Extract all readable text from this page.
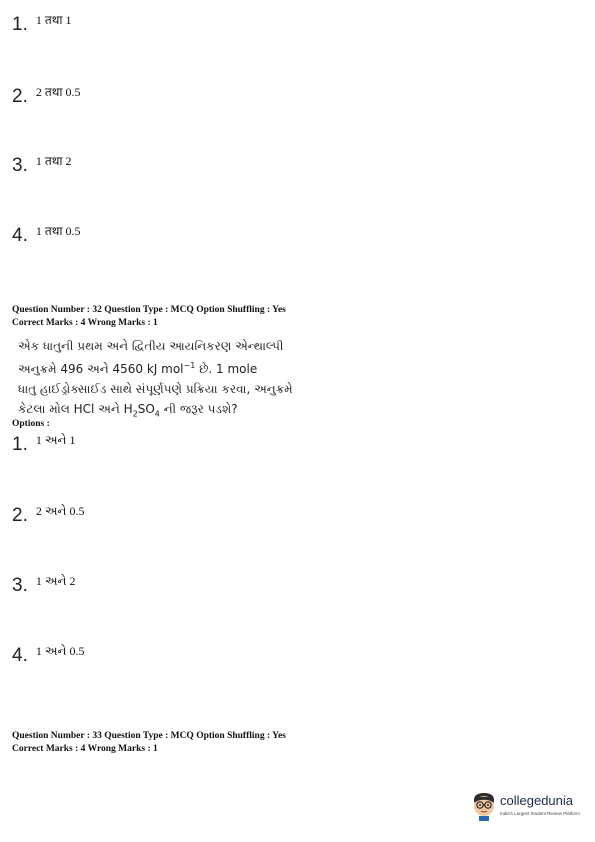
1. 1 तथा 1
2. 2 तथा 0.5
3. 1 तथा 2
4. 1 तथा 0.5
Question Number : 32 Question Type : MCQ Option Shuffling : Yes
Correct Marks : 4 Wrong Marks : 1
એક ધાતુની પ્રથમ અને દ્વિતીય આયનિકરણ એન્થાલ્પી
અનુક્રમે 496 અને 4560 kJ mol$^{-1}$ છે. 1 mole
ધાતુ હાઈડ્રોક્સાઈડ સાથે સંપૂર્ણપણે પ્રક્રિયા કરવા, અનુક્રમે
કેટલા મોલ HCl અને $H_2SO_4$ ની જરૂર પડશે?
Options :
1. 1 અને 1
2. 2 અને 0.5
3. 1 અને 2
4. 1 અને 0.5
Question Number : 33 Question Type : MCQ Option Shuffling : Yes
Correct Marks : 4 Wrong Marks : 1
collegedunia
India's Largest Student Review Platform
